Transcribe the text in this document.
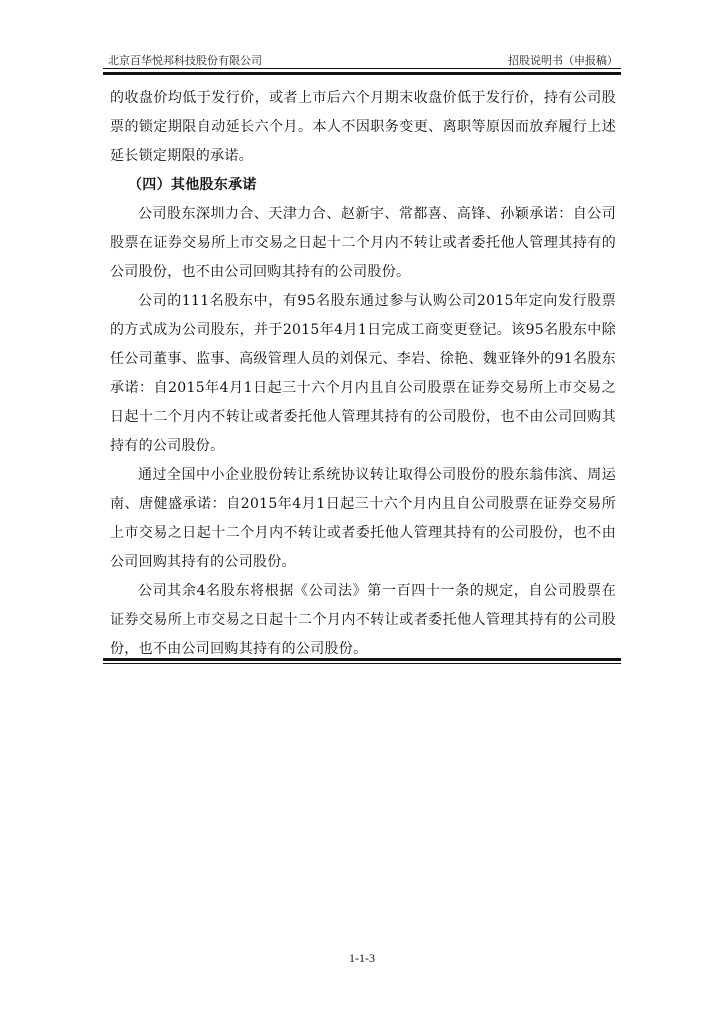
北京百华悦邦科技股份有限公司	招股说明书（申报稿）

的收盘价均低于发行价，或者上市后六个月期末收盘价低于发行价，持有公司股票的锁定期限自动延长六个月。本人不因职务变更、离职等原因而放弃履行上述延长锁定期限的承诺。

（四）其他股东承诺

公司股东深圳力合、天津力合、赵新宇、常都喜、高锋、孙颖承诺：自公司股票在证券交易所上市交易之日起十二个月内不转让或者委托他人管理其持有的公司股份，也不由公司回购其持有的公司股份。

公司的111名股东中，有95名股东通过参与认购公司2015年定向发行股票的方式成为公司股东，并于2015年4月1日完成工商变更登记。该95名股东中除任公司董事、监事、高级管理人员的刘保元、李岩、徐艳、魏亚锋外的91名股东承诺：自2015年4月1日起三十六个月内且自公司股票在证券交易所上市交易之日起十二个月内不转让或者委托他人管理其持有的公司股份，也不由公司回购其持有的公司股份。

通过全国中小企业股份转让系统协议转让取得公司股份的股东翁伟滨、周运南、唐健盛承诺：自2015年4月1日起三十六个月内且自公司股票在证券交易所上市交易之日起十二个月内不转让或者委托他人管理其持有的公司股份，也不由公司回购其持有的公司股份。

公司其余4名股东将根据《公司法》第一百四十一条的规定，自公司股票在证券交易所上市交易之日起十二个月内不转让或者委托他人管理其持有的公司股份，也不由公司回购其持有的公司股份。

1-1-3
